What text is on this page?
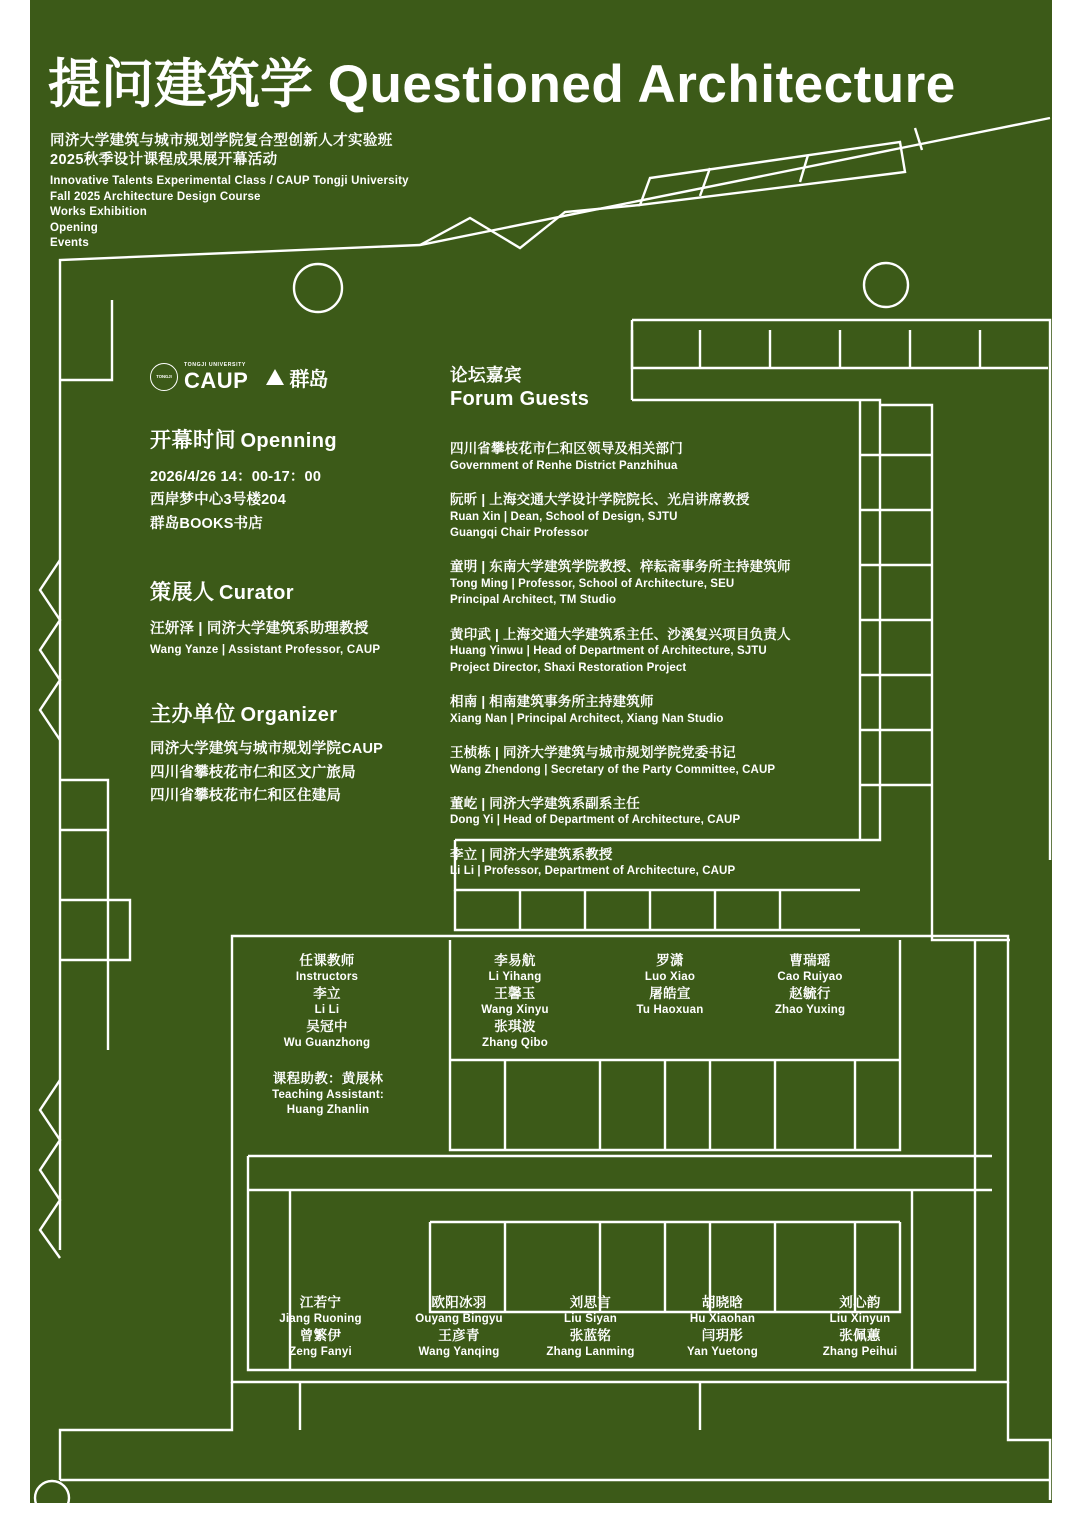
提问建筑学 Questioned Architecture
同济大学建筑与城市规划学院复合型创新人才实验班
2025秋季设计课程成果展开幕活动
Innovative Talents Experimental Class / CAUP Tongji University
Fall 2025 Architecture Design Course
Works Exhibition
Opening
Events
TONGJI
TONGJI UNIVERSITY
CAUP 群岛
开幕时间 Openning
2026/4/26 14：00-17：00
西岸梦中心3号楼204
群岛BOOKS书店
策展人 Curator
汪妍泽 | 同济大学建筑系助理教授
Wang Yanze | Assistant Professor, CAUP
主办单位 Organizer
同济大学建筑与城市规划学院CAUP
四川省攀枝花市仁和区文广旅局
四川省攀枝花市仁和区住建局
论坛嘉宾
Forum Guests
四川省攀枝花市仁和区领导及相关部门
Government of Renhe District Panzhihua
阮昕 | 上海交通大学设计学院院长、光启讲席教授
Ruan Xin | Dean, School of Design, SJTU
Guangqi Chair Professor
童明 | 东南大学建筑学院教授、梓耘斋事务所主持建筑师
Tong Ming | Professor, School of Architecture, SEU
Principal Architect, TM Studio
黄印武 | 上海交通大学建筑系主任、沙溪复兴项目负责人
Huang Yinwu | Head of Department of Architecture, SJTU
Project Director, Shaxi Restoration Project
相南 | 相南建筑事务所主持建筑师
Xiang Nan | Principal Architect, Xiang Nan Studio
王桢栋 | 同济大学建筑与城市规划学院党委书记
Wang Zhendong | Secretary of the Party Committee, CAUP
董屹 | 同济大学建筑系副系主任
Dong Yi | Head of Department of Architecture, CAUP
李立 | 同济大学建筑系教授
Li Li | Professor, Department of Architecture, CAUP
任课教师
Instructors
李立
Li Li
吴冠中
Wu Guanzhong
课程助教：黄展林
Teaching Assistant:
Huang Zhanlin
李易航
Li Yihang
王馨玉
Wang Xinyu
张琪波
Zhang Qibo
罗潇
Luo Xiao
屠皓宣
Tu Haoxuan
曹瑞瑶
Cao Ruiyao
赵毓行
Zhao Yuxing
江若宁
Jiang Ruoning
曾繁伊
Zeng Fanyi
欧阳冰羽
Ouyang Bingyu
王彦青
Wang Yanqing
刘思言
Liu Siyan
张蓝铭
Zhang Lanming
胡晓晗
Hu Xiaohan
闫玥彤
Yan Yuetong
刘心韵
Liu Xinyun
张佩蕙
Zhang Peihui
